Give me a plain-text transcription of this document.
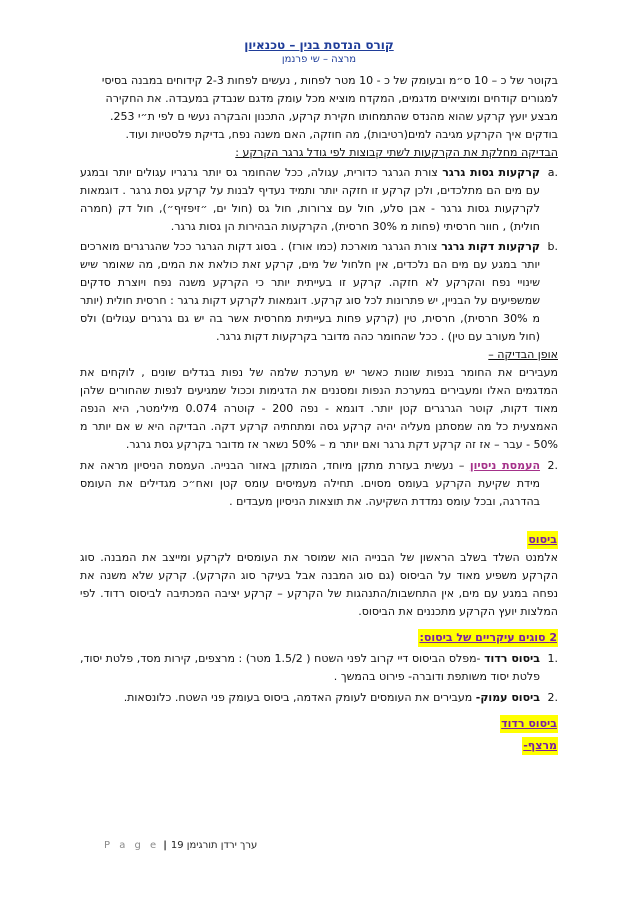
קורס הנדסת בנין – טכנאיון
מרצה – שי פרנמן

בקוטר של כ – 10 ס״מ ובעומק של כ - 10 מטר לפחות , נעשים לפחות 2-3 קידוחים במבנה בסיסי

למגורים קודחים ומוציאים מדגמים, המקדח מוציא מכל עומק מדגם שנבדק במעבדה. את החקירה

מבצע יועץ קרקע שהוא מהנדס שהתמחותו חקירת קרקע, התכנון והבקרה נעשי ם לפי ת״י 253.

בודקים איך הקרקע מגיבה למים(רטיבות), מה חוזקה, האם משנה נפח, בדיקת פלסטיות ועוד.

הבדיקה מחלקת את הקרקעות לשתי קבוצות לפי גודל גרגר הקרקע :

.a
קרקעות גסות גרגר צורת הגרגר כדורית, עגולה, ככל שהחומר גס יותר גרגריו עגולים יותר ובמגע עם מים הם מתלכדים, ולכן קרקע זו חזקה יותר ותמיד נעדיף לבנות על קרקע גסת גרגר . דוגמאות לקרקעות גסות גרגר - אבן סלע, חול עם צרורות, חול גס (חול ים, ״זיפזיף״), חול דק (חמרה חולית) , חוור חרסיתי (פחות מ 30% חרסית), הקרקעות הבהירות הן גסות גרגר.
.b
קרקעות דקות גרגר צורת הגרגר מוארכת (כמו אורז) . בסוג דקות הגרגר ככל שהגרגרים מוארכים יותר במגע עם מים הם נלכדים, אין חלחול של מים, קרקע זאת כולאת את המים, מה שאומר שיש שינויי נפח והקרקע לא חזקה. קרקע זו בעייתית יותר כי הקרקע משנה נפח ויוצרת סדקים שמשפיעים על הבניין, יש פתרונות לכל סוג קרקע. דוגמאות לקרקע דקות גרגר : חרסית חולית (יותר מ 30% חרסית), חרסית, טין (קרקע פחות בעייתית מחרסית אשר בה יש גם גרגרים עגולים) ולס (חול מעורב עם טין) . ככל שהחומר כהה מדובר בקרקעות דקות גרגר.

אופן הבדיקה –

מעבירים את החומר בנפות שונות כאשר יש מערכת שלמה של נפות בגדלים שונים , לוקחים את המדגמים האלו ומעבירים במערכת הנפות ומסננים את הדגימות וככול שמגיעים לנפות שהחורים שלהן מאוד דקות, קוטר הגרגרים קטן יותר. דוגמא - נפה 200 - קוטרה 0.074 מילימטר, היא הנפה האמצעית כל מה שמסתנן מעליה יהיה קרקע גסה ומתחתיה קרקע דקה. הבדיקה היא ש אם יותר מ 50% - עבר – אז זה קרקע דקת גרגר ואם יותר מ – 50% נשאר אז מדובר בקרקע גסת גרגר.

.2
העמסת ניסיון – נעשית בעזרת מתקן מיוחד, המותקן באזור הבנייה. העמסת הניסיון מראה את מידת שקיעת הקרקע בעומס מסוים. תחילה מעמיסים עומס קטן ואח״כ מגדילים את העומס בהדרגה, ובכל עומס נמדדת השקיעה. את תוצאות הניסיון מעבדים .
ביסוס

אלמנט השלד בשלב הראשון של הבנייה הוא שמוסר את העומסים לקרקע ומייצב את המבנה. סוג הקרקע משפיע מאוד על הביסוס (גם סוג המבנה אבל בעיקר סוג הקרקע). קרקע שלא משנה את נפחה במגע עם מים, אין התחשבות/התנהגות של הקרקע – קרקע יציבה המכתיבה לביסוס רדוד. לפי המלצות יועץ הקרקע מתכננים את הביסוס.

2 סוגים עיקריים של ביסוס:
.1
ביסוס רדוד -מפלס הביסוס דיי קרוב לפני השטח ( 1.5/2 מטר) : מרצפים, קירות מסד, פלטת יסוד, פלטת יסוד משותפת ודוברה- פירוט בהמשך .
.2
ביסוס עמוק- מעבירים את העומסים לעומק האדמה, ביסוס בעומק פני השטח. כלונסאות.
ביסוס רדוד
מרצף-
P a g e | 19 ערך ירדן תורגימן
